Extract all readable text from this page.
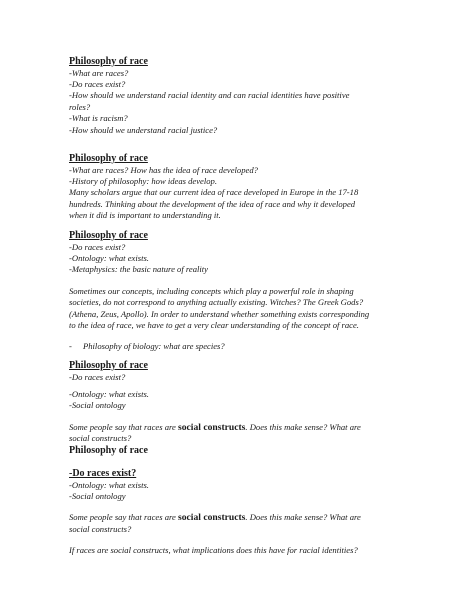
Philosophy of race

-What are races?

-Do races exist?

-How should we understand racial identity and can racial identities have positive

roles?

-What is racism?

-How should we understand racial justice?

Philosophy of race

-What are races? How has the idea of race developed?

-History of philosophy: how ideas develop.

Many scholars argue that our current idea of race developed in Europe in the 17-18

hundreds. Thinking about the development of the idea of race and why it developed

when it did is important to understanding it.

Philosophy of race

-Do races exist?

-Ontology: what exists.

-Metaphysics: the basic nature of reality

Sometimes our concepts, including concepts which play a powerful role in shaping

societies, do not correspond to anything actually existing. Witches? The Greek Gods?

(Athena, Zeus, Apollo). In order to understand whether something exists corresponding

to the idea of race, we have to get a very clear understanding of the concept of race.

- Philosophy of biology: what are species?

Philosophy of race

-Do races exist?

-Ontology: what exists.

-Social ontology

Some people say that races are social constructs. Does this make sense? What are

social constructs?

Philosophy of race

-Do races exist?

-Ontology: what exists.

-Social ontology

Some people say that races are social constructs. Does this make sense? What are

social constructs?

If races are social constructs, what implications does this have for racial identities?
